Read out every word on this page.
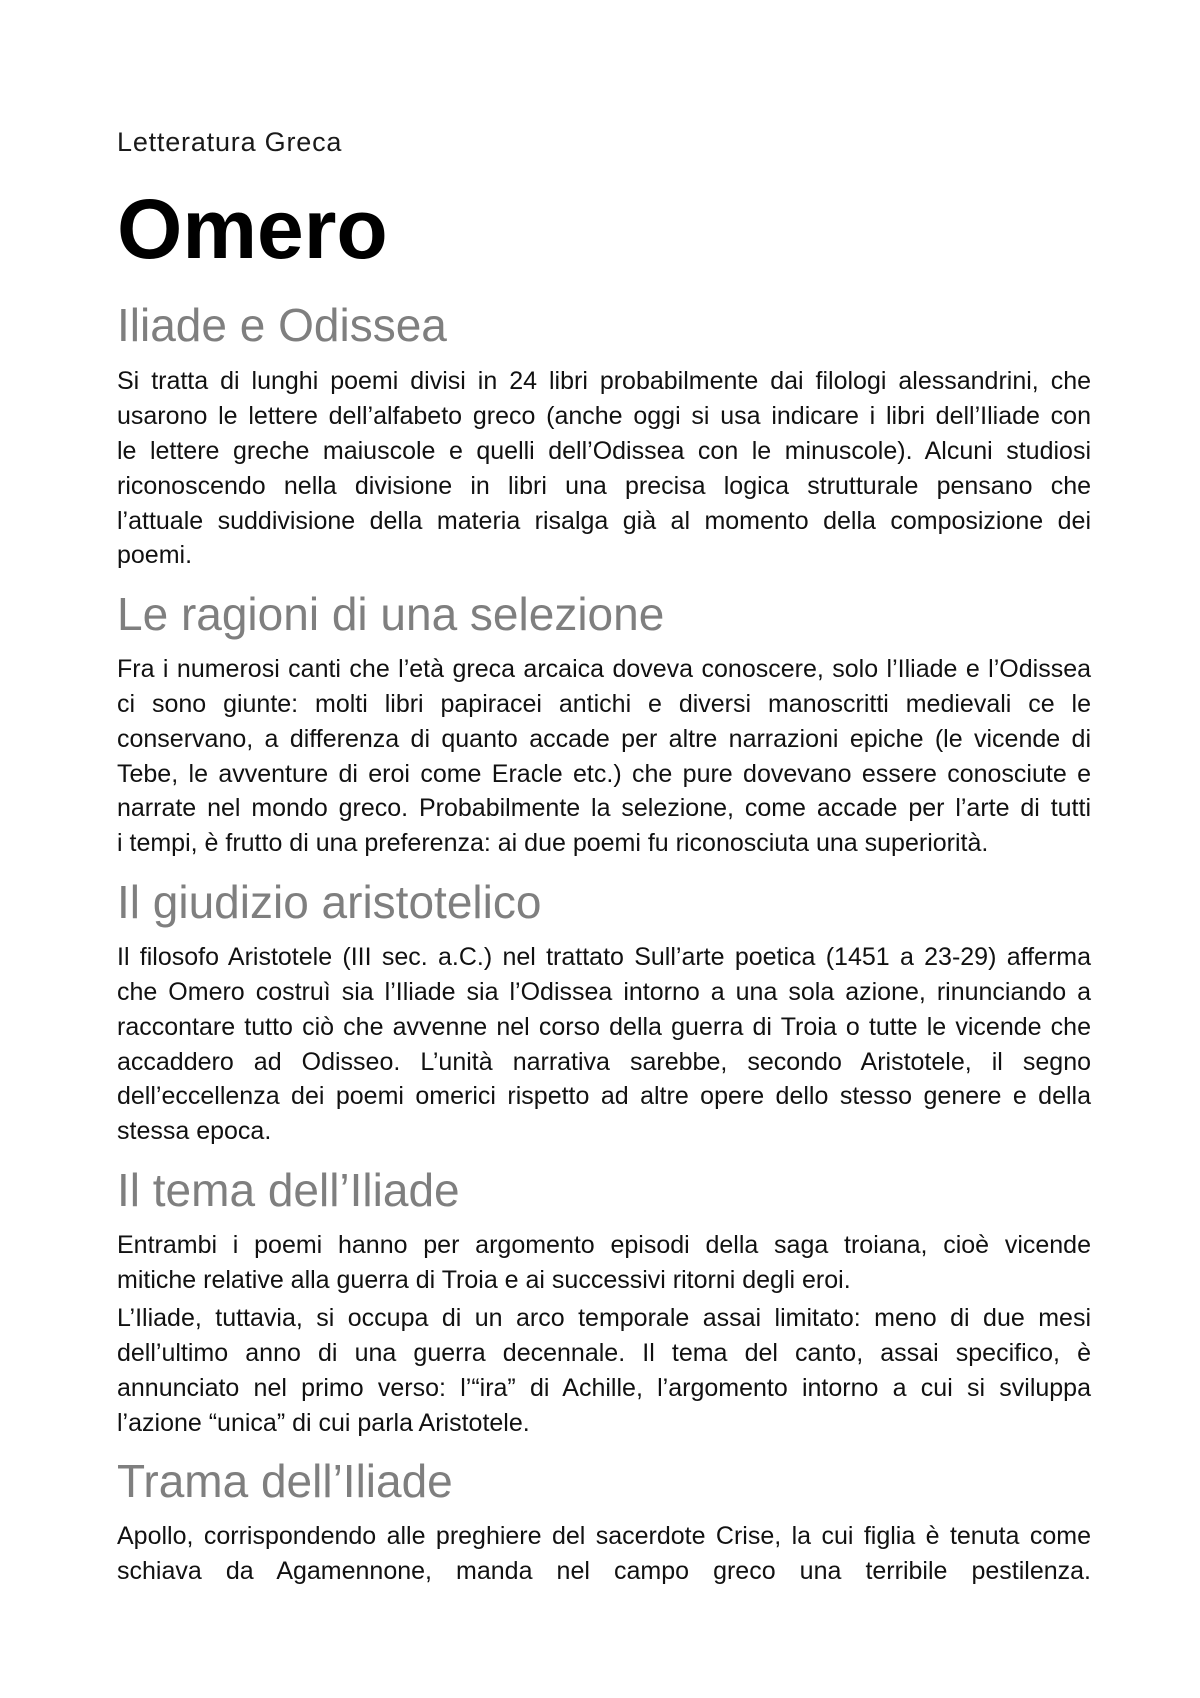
Letteratura Greca
Omero
Iliade e Odissea
Si tratta di lunghi poemi divisi in 24 libri probabilmente dai filologi alessandrini, che
usarono le lettere dell’alfabeto greco (anche oggi si usa indicare i libri dell’Iliade con
le lettere greche maiuscole e quelli dell’Odissea con le minuscole). Alcuni studiosi
riconoscendo nella divisione in libri una precisa logica strutturale pensano che
l’attuale suddivisione della materia risalga già al momento della composizione dei
poemi.
Le ragioni di una selezione
Fra i numerosi canti che l’età greca arcaica doveva conoscere, solo l’Iliade e l’Odissea
ci sono giunte: molti libri papiracei antichi e diversi manoscritti medievali ce le
conservano, a differenza di quanto accade per altre narrazioni epiche (le vicende di
Tebe, le avventure di eroi come Eracle etc.) che pure dovevano essere conosciute e
narrate nel mondo greco. Probabilmente la selezione, come accade per l’arte di tutti
i tempi, è frutto di una preferenza: ai due poemi fu riconosciuta una superiorità.
Il giudizio aristotelico
Il filosofo Aristotele (III sec. a.C.) nel trattato Sull’arte poetica (1451 a 23-29) afferma
che Omero costruì sia l’Iliade sia l’Odissea intorno a una sola azione, rinunciando a
raccontare tutto ciò che avvenne nel corso della guerra di Troia o tutte le vicende che
accaddero ad Odisseo. L’unità narrativa sarebbe, secondo Aristotele, il segno
dell’eccellenza dei poemi omerici rispetto ad altre opere dello stesso genere e della
stessa epoca.
Il tema dell’Iliade
Entrambi i poemi hanno per argomento episodi della saga troiana, cioè vicende
mitiche relative alla guerra di Troia e ai successivi ritorni degli eroi.
L’Iliade, tuttavia, si occupa di un arco temporale assai limitato: meno di due mesi
dell’ultimo anno di una guerra decennale. Il tema del canto, assai specifico, è
annunciato nel primo verso: l’“ira” di Achille, l’argomento intorno a cui si sviluppa
l’azione “unica” di cui parla Aristotele.
Trama dell’Iliade
Apollo, corrispondendo alle preghiere del sacerdote Crise, la cui figlia è tenuta come
schiava da Agamennone, manda nel campo greco una terribile pestilenza.
